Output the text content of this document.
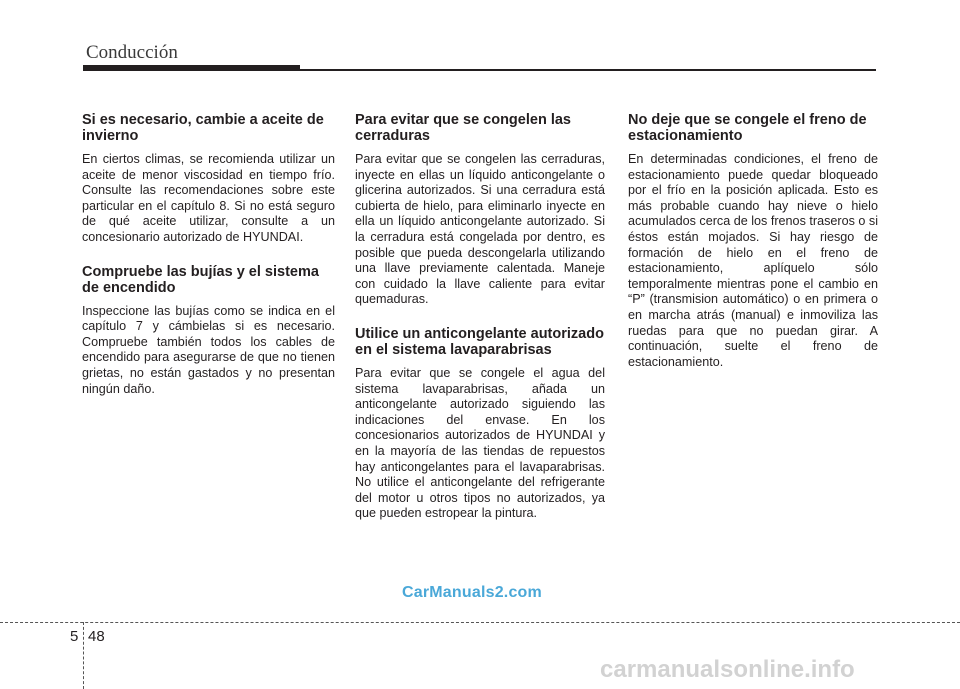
Conducción
Si es necesario, cambie a aceite de invierno

En ciertos climas, se recomienda utilizar un aceite de menor viscosidad en tiempo frío. Consulte las recomendaciones sobre este particular en el capítulo 8. Si no está seguro de qué aceite utilizar, consulte a un concesionario autorizado de HYUNDAI.

Compruebe las bujías y el sistema de encendido

Inspeccione las bujías como se indica en el capítulo 7 y cámbielas si es necesario. Compruebe también todos los cables de encendido para asegurarse de que no tienen grietas, no están gastados y no presentan ningún daño.

Para evitar que se congelen las cerraduras

Para evitar que se congelen las cerraduras, inyecte en ellas un líquido anticongelante o glicerina autorizados. Si una cerradura está cubierta de hielo, para eliminarlo inyecte en ella un líquido anticongelante autorizado. Si la cerradura está congelada por dentro, es posible que pueda descongelarla utilizando una llave previamente calentada. Maneje con cuidado la llave caliente para evitar quemaduras.

Utilice un anticongelante autorizado en el sistema lavaparabrisas

Para evitar que se congele el agua del sistema lavaparabrisas, añada un anticongelante autorizado siguiendo las indicaciones del envase. En los concesionarios autorizados de HYUNDAI y en la mayoría de las tiendas de repuestos hay anticongelantes para el lavaparabrisas. No utilice el anticongelante del refrigerante del motor u otros tipos no autorizados, ya que pueden estropear la pintura.

No deje que se congele el freno de estacionamiento

En determinadas condiciones, el freno de estacionamiento puede quedar bloqueado por el frío en la posición aplicada. Esto es más probable cuando hay nieve o hielo acumulados cerca de los frenos traseros o si éstos están mojados. Si hay riesgo de formación de hielo en el freno de estacionamiento, aplíquelo sólo temporalmente mientras pone el cambio en “P” (transmision automático) o en primera o en marcha atrás (manual) e inmoviliza las ruedas para que no puedan girar. A continuación, suelte el freno de estacionamiento.

CarManuals2.com
5 48
carmanualsonline.info
